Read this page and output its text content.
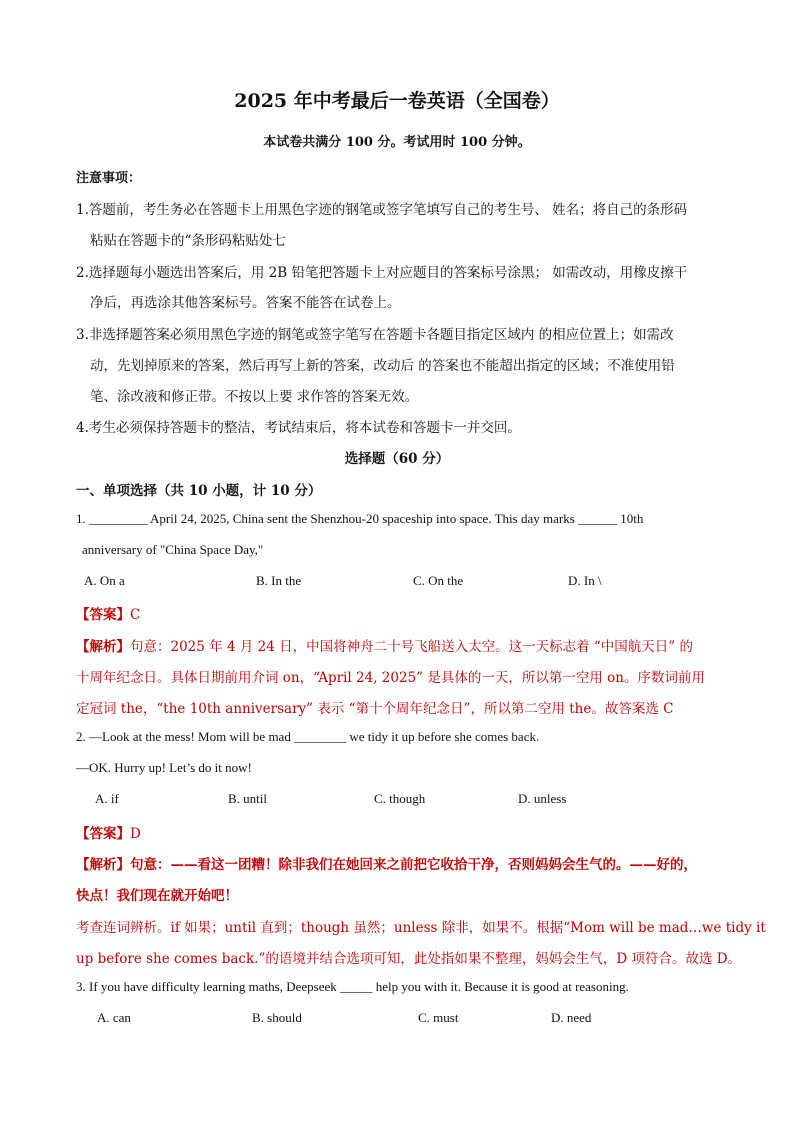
2025 年中考最后一卷英语（全国卷）
本试卷共满分 100 分。考试用时 100 分钟。
注意事项：
1.答题前，考生务必在答题卡上用黑色字迹的钢笔或签字笔填写自己的考生号、 姓名；将自己的条形码
粘贴在答题卡的“条形码粘贴处七
2.选择题每小题选出答案后，用 2B 铅笔把答题卡上对应题目的答案标号涂黑； 如需改动，用橡皮擦干
净后，再选涂其他答案标号。答案不能答在试卷上。
3.非选择题答案必须用黑色字迹的钢笔或签字笔写在答题卡各题目指定区域内 的相应位置上；如需改
动，先划掉原来的答案，然后再写上新的答案，改动后 的答案也不能超出指定的区域；不准使用铅
笔、涂改液和修正带。不按以上要 求作答的答案无效。
4.考生必须保持答题卡的整洁，考试结束后，将本试卷和答题卡一并交回。
选择题（60 分）
一、单项选择（共 10 小题，计 10 分）
1. _________ April 24, 2025, China sent the Shenzhou-20 spaceship into space. This day marks ______ 10th
anniversary of "China Space Day,"
A. On a	B. In the	C. On the	D. In \
【答案】C
【解析】句意：2025 年 4 月 24 日，中国将神舟二十号飞船送入太空。这一天标志着 “中国航天日” 的
十周年纪念日。具体日期前用介词 on，“April 24, 2025” 是具体的一天，所以第一空用 on。序数词前用
定冠词 the，“the 10th anniversary” 表示 “第十个周年纪念日”，所以第二空用 the。故答案选 C
2. —Look at the mess! Mom will be mad ________ we tidy it up before she comes back.
—OK. Hurry up! Let’s do it now!
A. if	B. until	C. though	D. unless
【答案】D
【解析】句意：——看这一团糟！除非我们在她回来之前把它收拾干净，否则妈妈会生气的。——好的，
快点！我们现在就开始吧！
考查连词辨析。if 如果；until 直到；though 虽然；unless 除非，如果不。根据“Mom will be mad…we tidy it
up before she comes back.”的语境并结合选项可知，此处指如果不整理，妈妈会生气，D 项符合。故选 D。
3. If you have difficulty learning maths, Deepseek _____ help you with it. Because it is good at reasoning.
A. can	B. should	C. must	D. need
